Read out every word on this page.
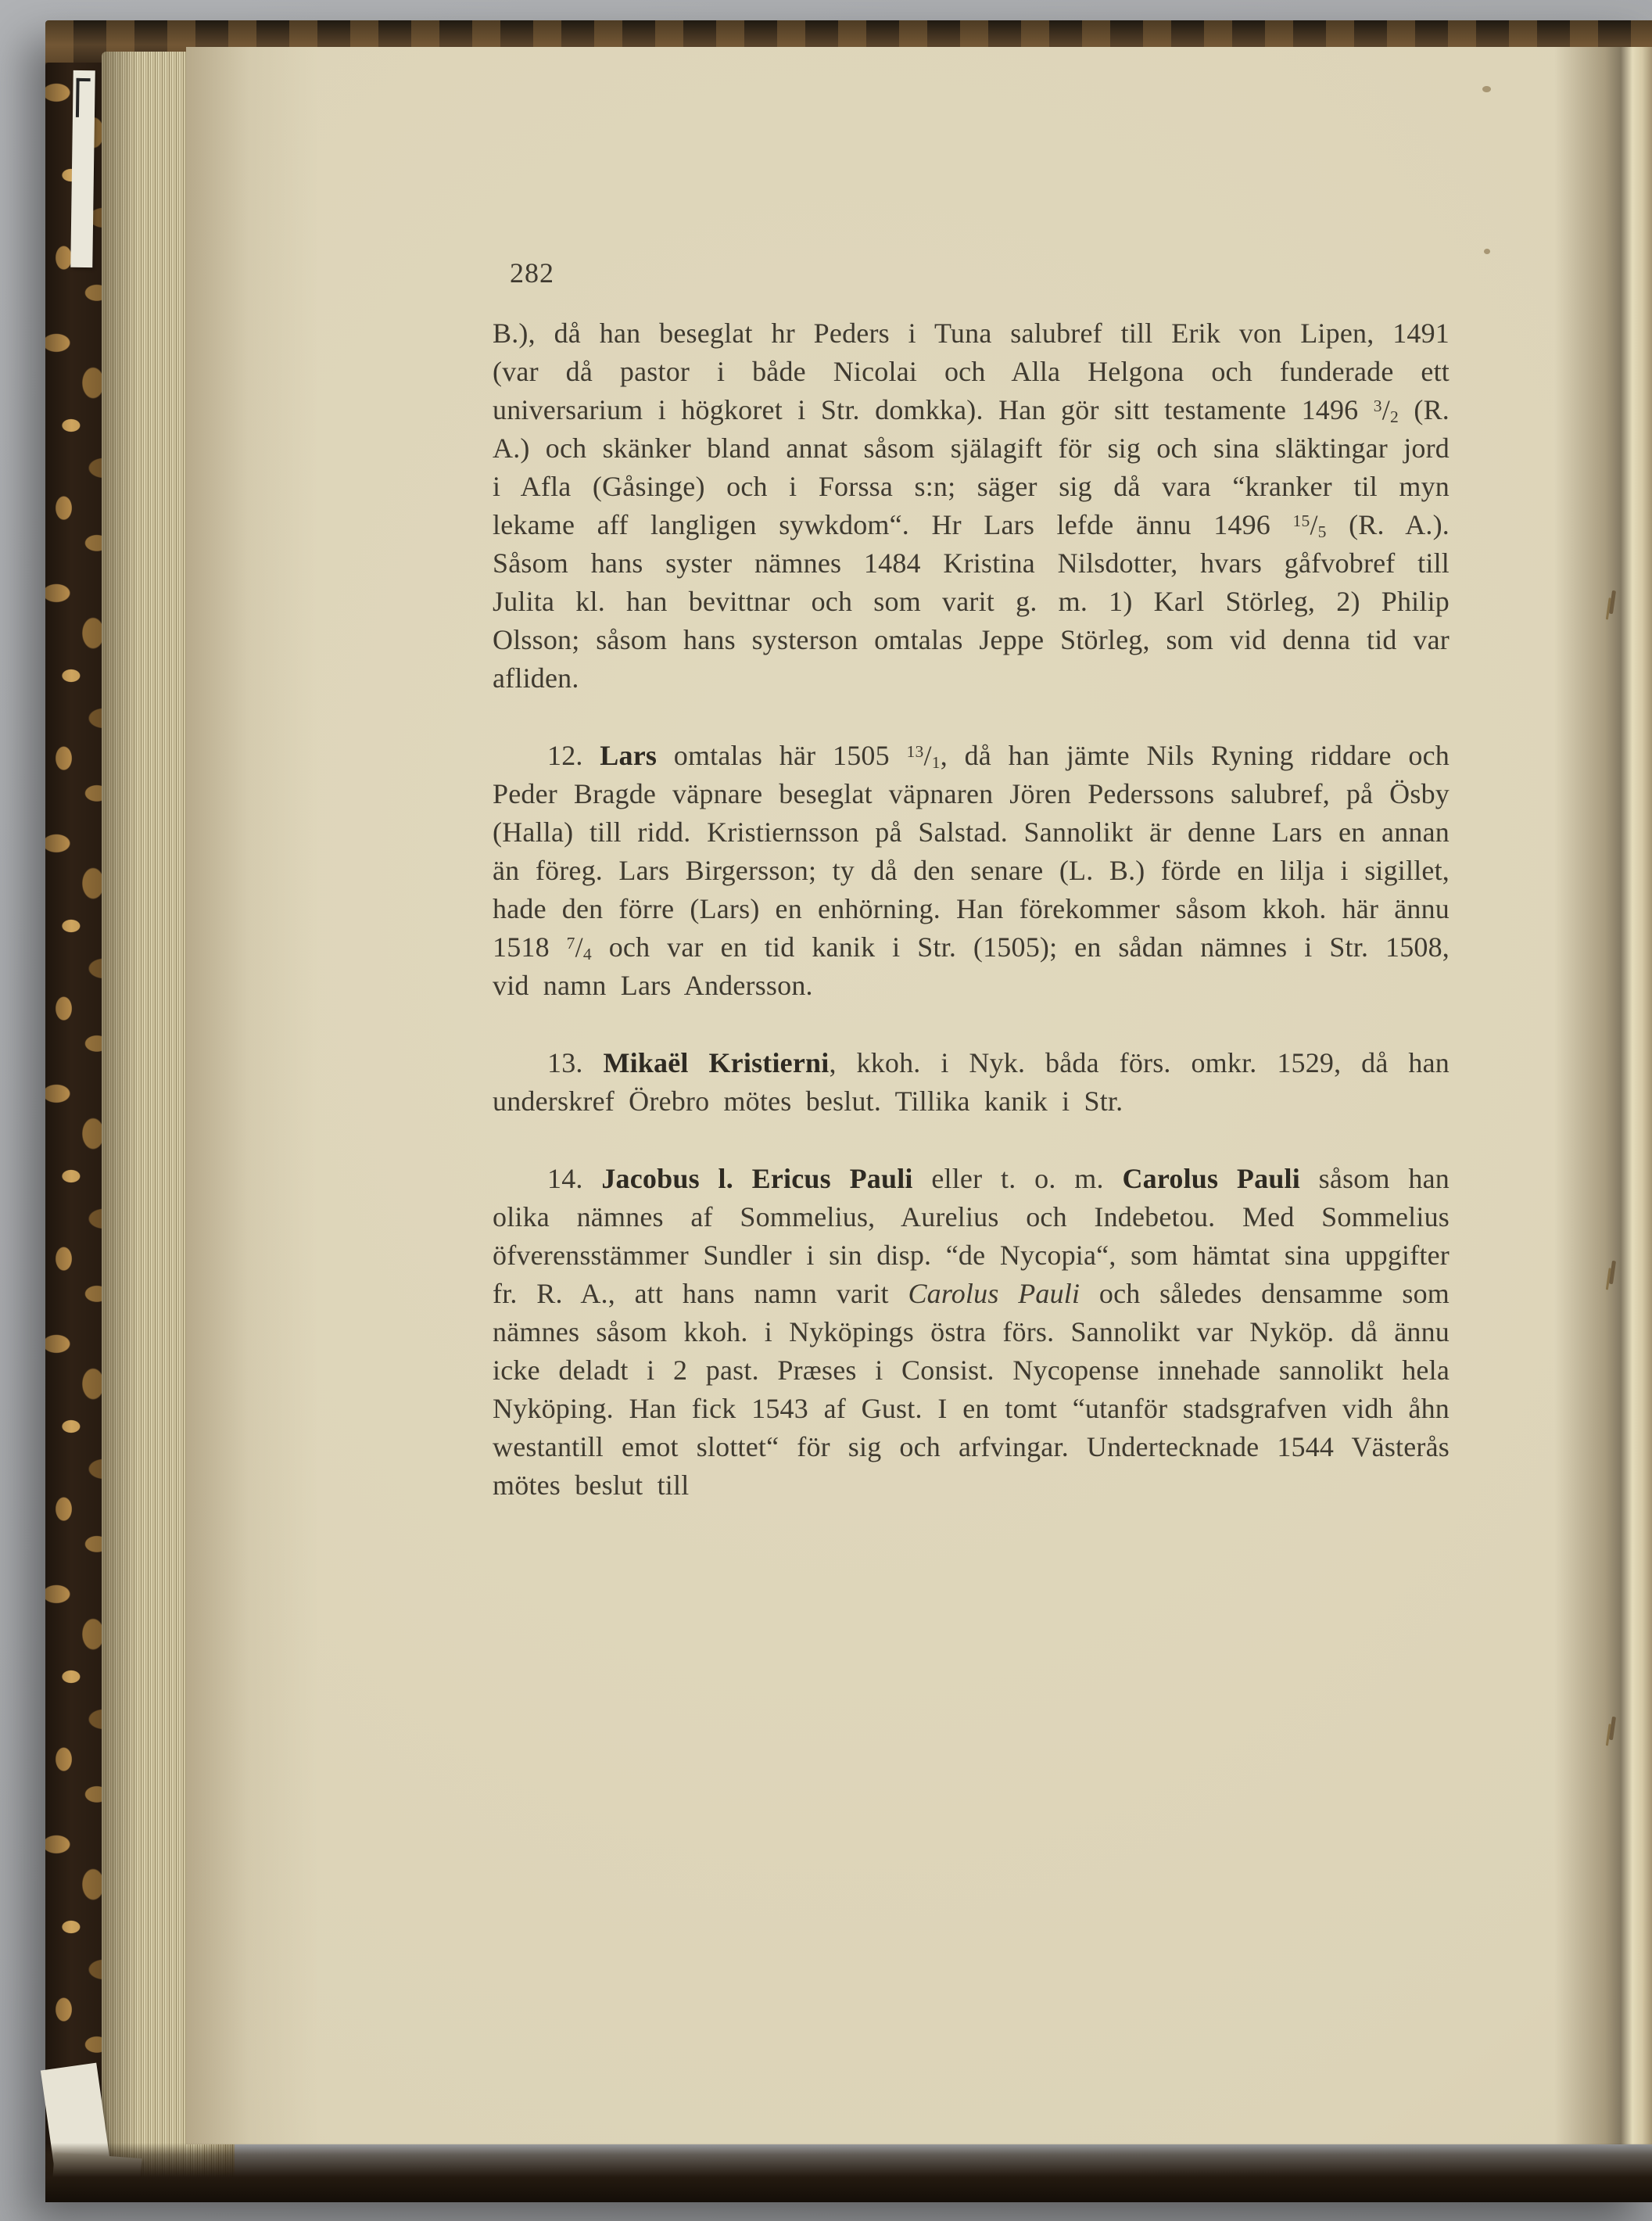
282

B.), då han beseglat hr Peders i Tuna salubref till Erik von Lipen, 1491 (var då pastor i både Nicolai och Alla Helgona och funderade ett universarium i högkoret i Str. domkka). Han gör sitt testamente 1496 $^3/_2$ (R. A.) och skänker bland annat såsom själagift för sig och sina släktingar jord i Afla (Gåsinge) och i Forssa s:n; säger sig då vara “kranker til myn lekame aff langligen sywkdom“. Hr Lars lefde ännu 1496 $^{15}/_5$ (R. A.). Såsom hans syster nämnes 1484 Kristina Nilsdotter, hvars gåfvobref till Julita kl. han bevittnar och som varit g. m. 1) Karl Störleg, 2) Philip Olsson; såsom hans systerson omtalas Jeppe Störleg, som vid denna tid var afliden.

12. Lars omtalas här 1505 $^{13}/_1$, då han jämte Nils Ryning riddare och Peder Bragde väpnare beseglat väpnaren Jören Pederssons salubref, på Ösby (Halla) till ridd. Kristiernsson på Salstad. Sannolikt är denne Lars en annan än föreg. Lars Birgersson; ty då den senare (L. B.) förde en lilja i sigillet, hade den förre (Lars) en enhörning. Han förekommer såsom kkoh. här ännu 1518 $^7/_4$ och var en tid kanik i Str. (1505); en sådan nämnes i Str. 1508, vid namn Lars Andersson.

13. Mikaël Kristierni, kkoh. i Nyk. båda förs. omkr. 1529, då han underskref Örebro mötes beslut. Tillika kanik i Str.

14. Jacobus l. Ericus Pauli eller t. o. m. Carolus Pauli såsom han olika nämnes af Sommelius, Aurelius och Indebetou. Med Sommelius öfverensstämmer Sundler i sin disp. “de Nycopia“, som hämtat sina uppgifter fr. R. A., att hans namn varit Carolus Pauli och således densamme som nämnes såsom kkoh. i Nyköpings östra förs. Sannolikt var Nyköp. då ännu icke deladt i 2 past. Præses i Consist. Nycopense innehade sannolikt hela Nyköping. Han fick 1543 af Gust. I en tomt “utanför stadsgrafven vidh åhn westantill emot slottet“ för sig och arfvingar. Undertecknade 1544 Västerås mötes beslut till
